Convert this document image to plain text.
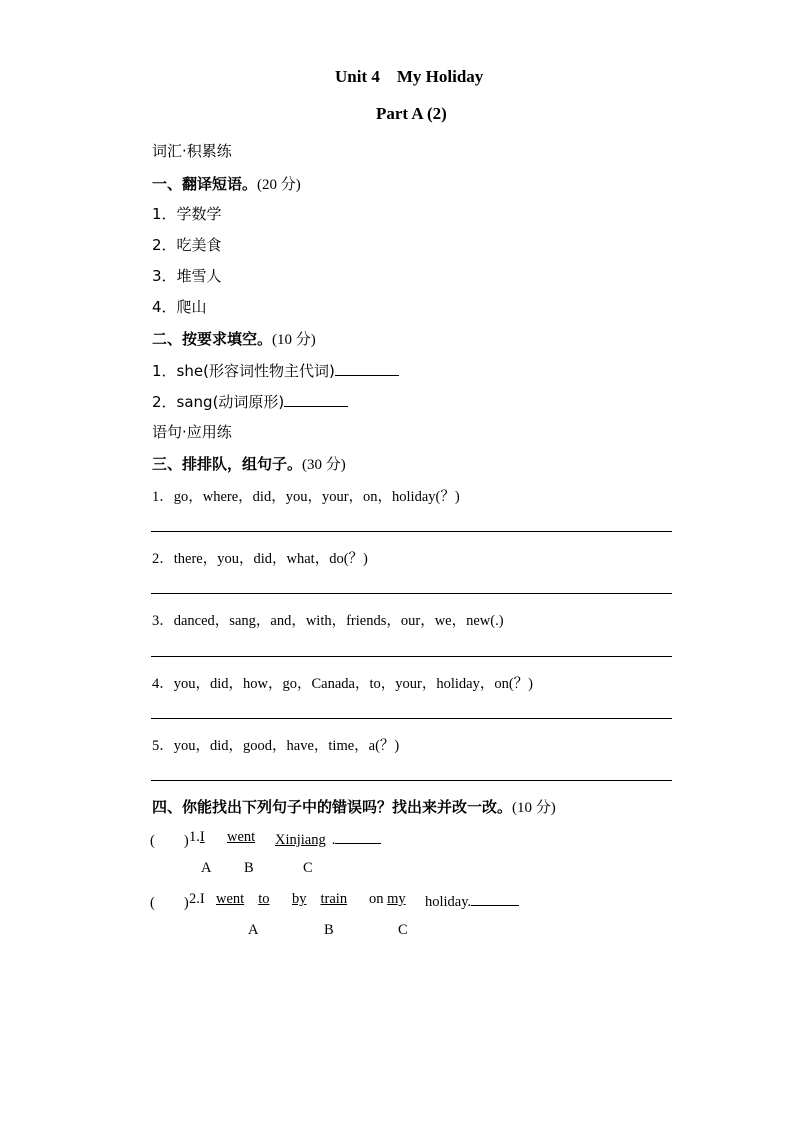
Unit 4　My Holiday
Part A (2)
词汇·积累练
一、翻译短语。(20 分)
1．学数学
2．吃美食
3．堆雪人
4．爬山
二、按要求填空。(10 分)
1．she(形容词性物主代词)
2．sang(动词原形)
语句·应用练
三、排排队，组句子。(30 分)
1．go，where，did，you，your，on，holiday(？)
2．there，you，did，what，do(？)
3．danced，sang，and，with，friends，our，we，new(.)
4．you，did，how，go，Canada，to，your，holiday，on(？)
5．you，did，good，have，time，a(？)
四、你能找出下列句子中的错误吗？找出来并改一改。(10 分)
(　　) 1.I went Xinjiang .
A B	C
(　　) 2.I went to by train on my holiday.
A	B	C
